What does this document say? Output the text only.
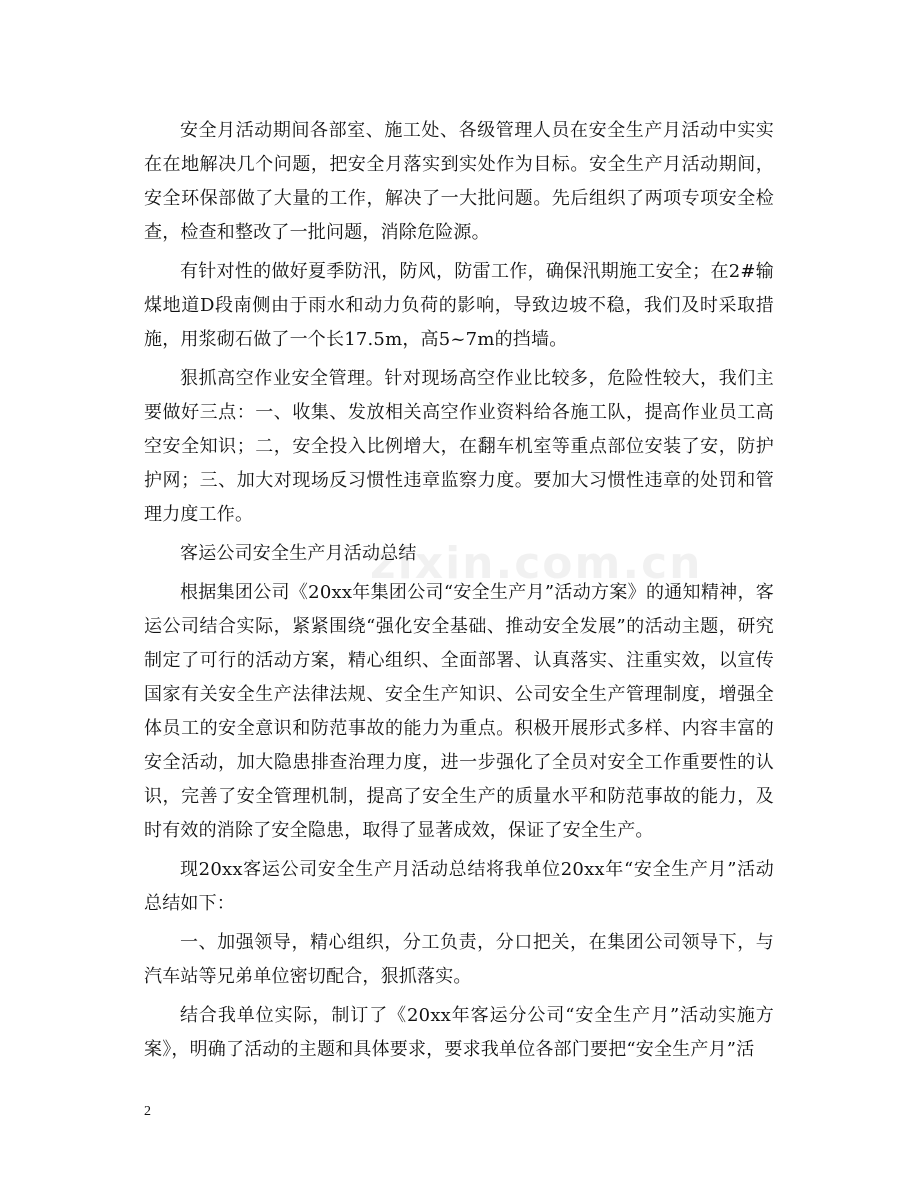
zixin.com.cn

安全月活动期间各部室、施工处、各级管理人员在安全生产月活动中实实在在地解决几个问题，把安全月落实到实处作为目标。安全生产月活动期间，安全环保部做了大量的工作，解决了一大批问题。先后组织了两项专项安全检查，检查和整改了一批问题，消除危险源。

有针对性的做好夏季防汛，防风，防雷工作，确保汛期施工安全；在2#输煤地道D段南侧由于雨水和动力负荷的影响，导致边坡不稳，我们及时采取措施，用浆砌石做了一个长17.5m，高5~7m的挡墙。

狠抓高空作业安全管理。针对现场高空作业比较多，危险性较大，我们主要做好三点：一、收集、发放相关高空作业资料给各施工队，提高作业员工高空安全知识；二，安全投入比例增大，在翻车机室等重点部位安装了安，防护护网；三、加大对现场反习惯性违章监察力度。要加大习惯性违章的处罚和管理力度工作。

客运公司安全生产月活动总结

根据集团公司《20xx年集团公司“安全生产月”活动方案》的通知精神，客运公司结合实际，紧紧围绕“强化安全基础、推动安全发展”的活动主题，研究制定了可行的活动方案，精心组织、全面部署、认真落实、注重实效，以宣传国家有关安全生产法律法规、安全生产知识、公司安全生产管理制度，增强全体员工的安全意识和防范事故的能力为重点。积极开展形式多样、内容丰富的安全活动，加大隐患排查治理力度，进一步强化了全员对安全工作重要性的认识，完善了安全管理机制，提高了安全生产的质量水平和防范事故的能力，及时有效的消除了安全隐患，取得了显著成效，保证了安全生产。

现20xx客运公司安全生产月活动总结将我单位20xx年“安全生产月”活动总结如下：

一、加强领导，精心组织，分工负责，分口把关，在集团公司领导下，与汽车站等兄弟单位密切配合，狠抓落实。

结合我单位实际，制订了《20xx年客运分公司“安全生产月”活动实施方案》，明确了活动的主题和具体要求，要求我单位各部门要把“安全生产月”活

2
